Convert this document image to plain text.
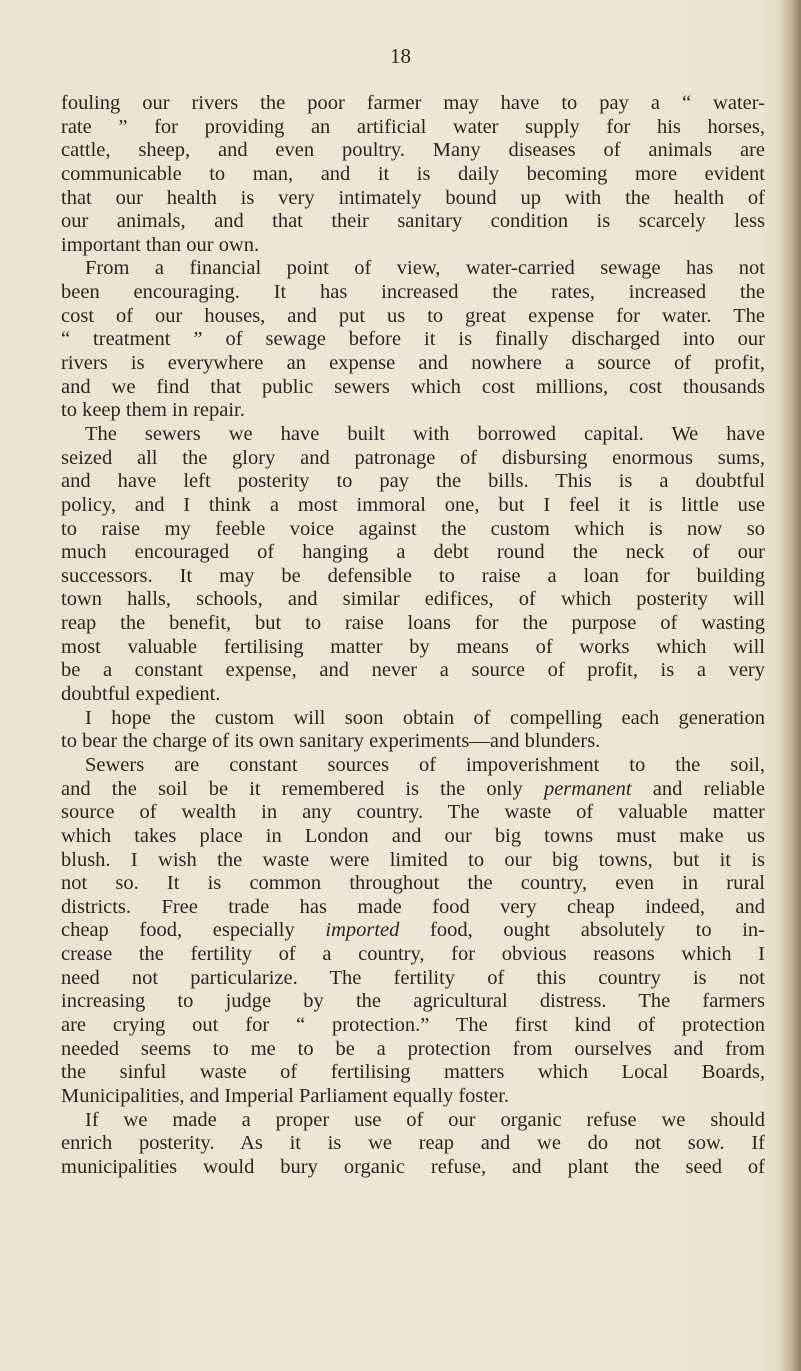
18
fouling our rivers the poor farmer may have to pay a “ water-
rate ” for providing an artificial water supply for his horses,
cattle, sheep, and even poultry. Many diseases of animals are
communicable to man, and it is daily becoming more evident
that our health is very intimately bound up with the health of
our animals, and that their sanitary condition is scarcely less
important than our own.
From a financial point of view, water-carried sewage has not
been encouraging. It has increased the rates, increased the
cost of our houses, and put us to great expense for water. The
“ treatment ” of sewage before it is finally discharged into our
rivers is everywhere an expense and nowhere a source of profit,
and we find that public sewers which cost millions, cost thousands
to keep them in repair.
The sewers we have built with borrowed capital. We have
seized all the glory and patronage of disbursing enormous sums,
and have left posterity to pay the bills. This is a doubtful
policy, and I think a most immoral one, but I feel it is little use
to raise my feeble voice against the custom which is now so
much encouraged of hanging a debt round the neck of our
successors. It may be defensible to raise a loan for building
town halls, schools, and similar edifices, of which posterity will
reap the benefit, but to raise loans for the purpose of wasting
most valuable fertilising matter by means of works which will
be a constant expense, and never a source of profit, is a very
doubtful expedient.
I hope the custom will soon obtain of compelling each generation
to bear the charge of its own sanitary experiments—and blunders.
Sewers are constant sources of impoverishment to the soil,
and the soil be it remembered is the only permanent and reliable
source of wealth in any country. The waste of valuable matter
which takes place in London and our big towns must make us
blush. I wish the waste were limited to our big towns, but it is
not so. It is common throughout the country, even in rural
districts. Free trade has made food very cheap indeed, and
cheap food, especially imported food, ought absolutely to in-
crease the fertility of a country, for obvious reasons which I
need not particularize. The fertility of this country is not
increasing to judge by the agricultural distress. The farmers
are crying out for “ protection.” The first kind of protection
needed seems to me to be a protection from ourselves and from
the sinful waste of fertilising matters which Local Boards,
Municipalities, and Imperial Parliament equally foster.
If we made a proper use of our organic refuse we should
enrich posterity. As it is we reap and we do not sow. If
municipalities would bury organic refuse, and plant the seed of
